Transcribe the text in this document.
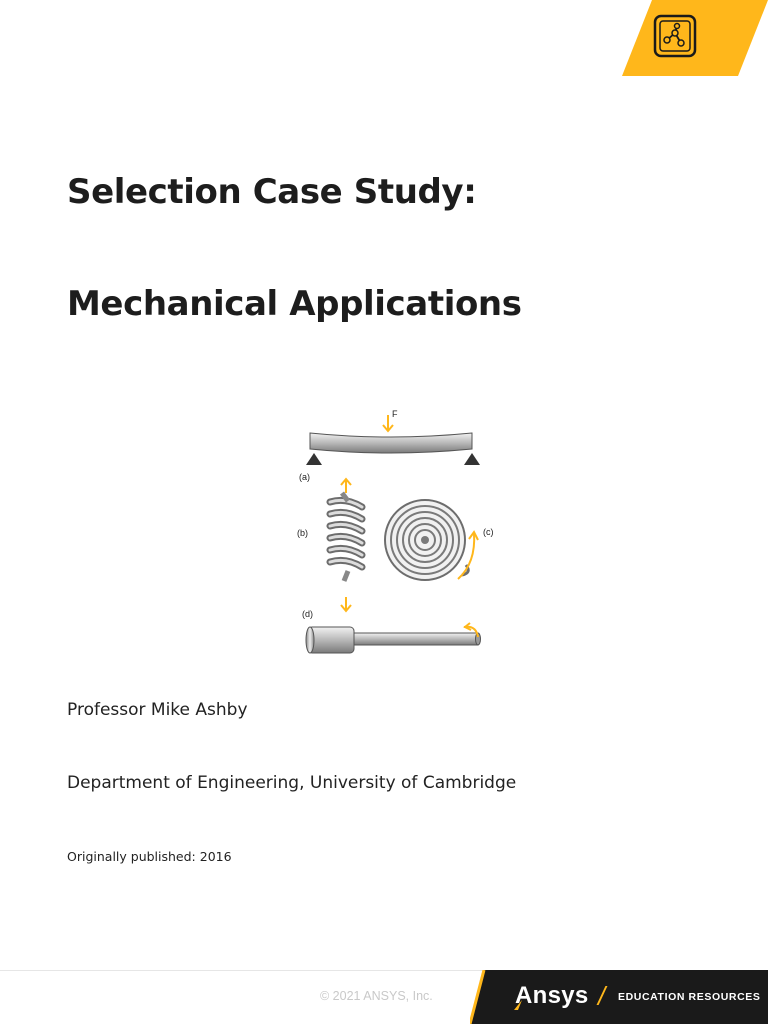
Selection Case Study:
Mechanical Applications
F
(a)
(b)	(c)
(d)

Professor Mike Ashby

Department of Engineering, University of Cambridge

Originally published: 2016

© 2021 ANSYS, Inc.	Ansys / EDUCATION RESOURCES
